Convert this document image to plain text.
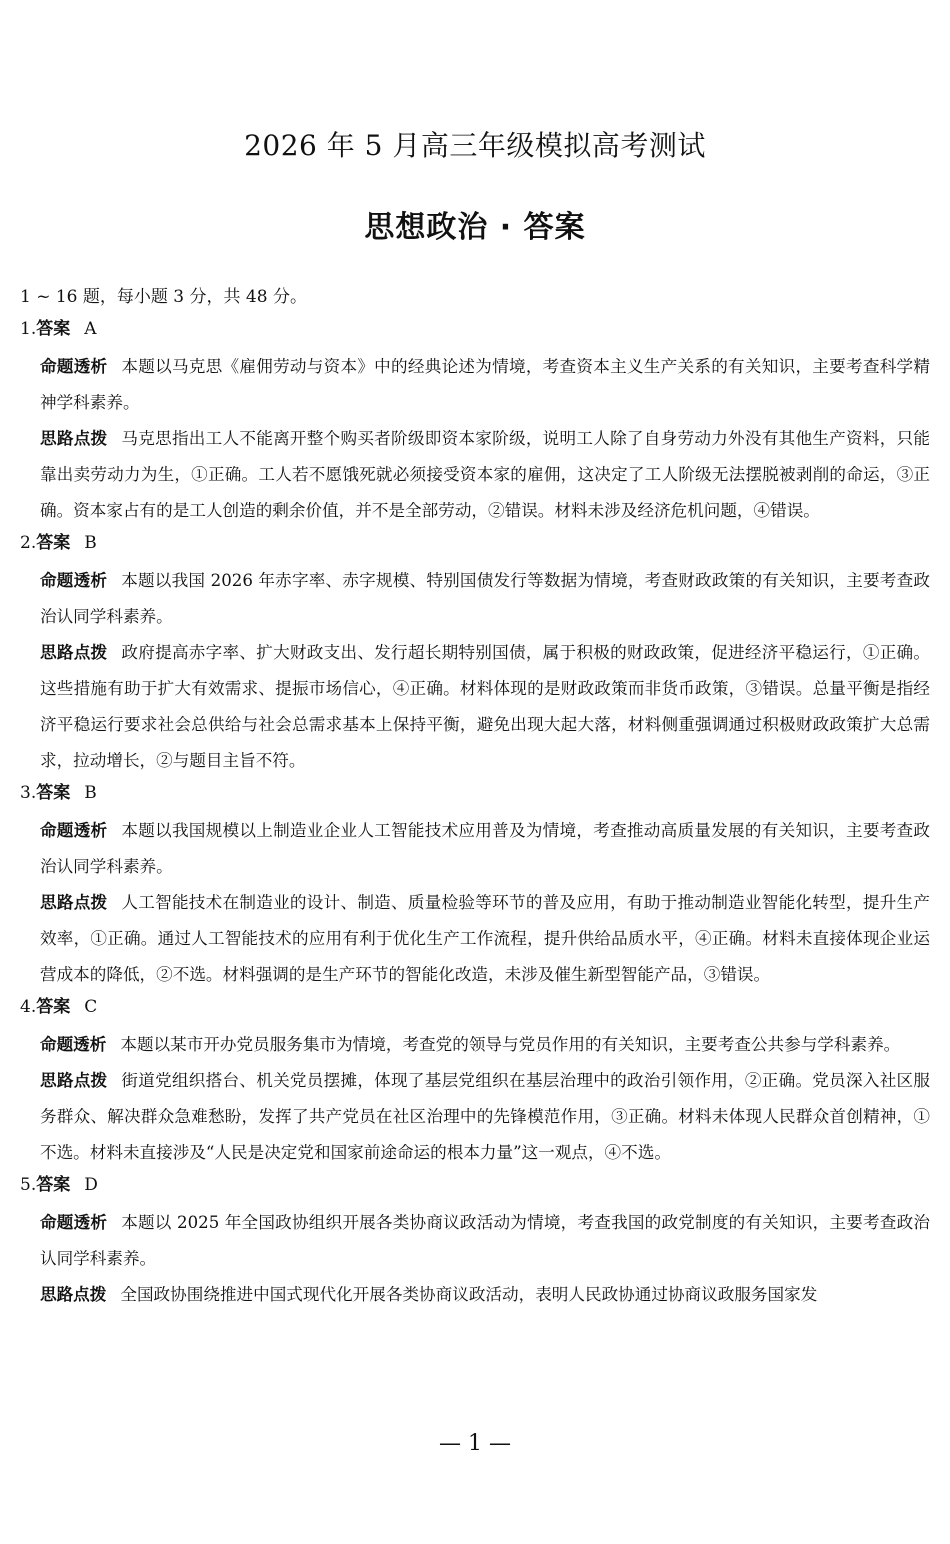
2026 年 5 月高三年级模拟高考测试
思想政治 · 答案
1 ~ 16 题，每小题 3 分，共 48 分。
1.答案 A

命题透析 本题以马克思《雇佣劳动与资本》中的经典论述为情境，考查资本主义生产关系的有关知识，主要考查科学精神学科素养。

思路点拨 马克思指出工人不能离开整个购买者阶级即资本家阶级，说明工人除了自身劳动力外没有其他生产资料，只能靠出卖劳动力为生，①正确。工人若不愿饿死就必须接受资本家的雇佣，这决定了工人阶级无法摆脱被剥削的命运，③正确。资本家占有的是工人创造的剩余价值，并不是全部劳动，②错误。材料未涉及经济危机问题，④错误。

2.答案 B

命题透析 本题以我国 2026 年赤字率、赤字规模、特别国债发行等数据为情境，考查财政政策的有关知识，主要考查政治认同学科素养。

思路点拨 政府提高赤字率、扩大财政支出、发行超长期特别国债，属于积极的财政政策，促进经济平稳运行，①正确。这些措施有助于扩大有效需求、提振市场信心，④正确。材料体现的是财政政策而非货币政策，③错误。总量平衡是指经济平稳运行要求社会总供给与社会总需求基本上保持平衡，避免出现大起大落，材料侧重强调通过积极财政政策扩大总需求，拉动增长，②与题目主旨不符。

3.答案 B

命题透析 本题以我国规模以上制造业企业人工智能技术应用普及为情境，考查推动高质量发展的有关知识，主要考查政治认同学科素养。

思路点拨 人工智能技术在制造业的设计、制造、质量检验等环节的普及应用，有助于推动制造业智能化转型，提升生产效率，①正确。通过人工智能技术的应用有利于优化生产工作流程，提升供给品质水平，④正确。材料未直接体现企业运营成本的降低，②不选。材料强调的是生产环节的智能化改造，未涉及催生新型智能产品，③错误。

4.答案 C

命题透析 本题以某市开办党员服务集市为情境，考查党的领导与党员作用的有关知识，主要考查公共参与学科素养。

思路点拨 街道党组织搭台、机关党员摆摊，体现了基层党组织在基层治理中的政治引领作用，②正确。党员深入社区服务群众、解决群众急难愁盼，发挥了共产党员在社区治理中的先锋模范作用，③正确。材料未体现人民群众首创精神，①不选。材料未直接涉及“人民是决定党和国家前途命运的根本力量”这一观点，④不选。

5.答案 D

命题透析 本题以 2025 年全国政协组织开展各类协商议政活动为情境，考查我国的政党制度的有关知识，主要考查政治认同学科素养。

思路点拨 全国政协围绕推进中国式现代化开展各类协商议政活动，表明人民政协通过协商议政服务国家发

— 1 —
